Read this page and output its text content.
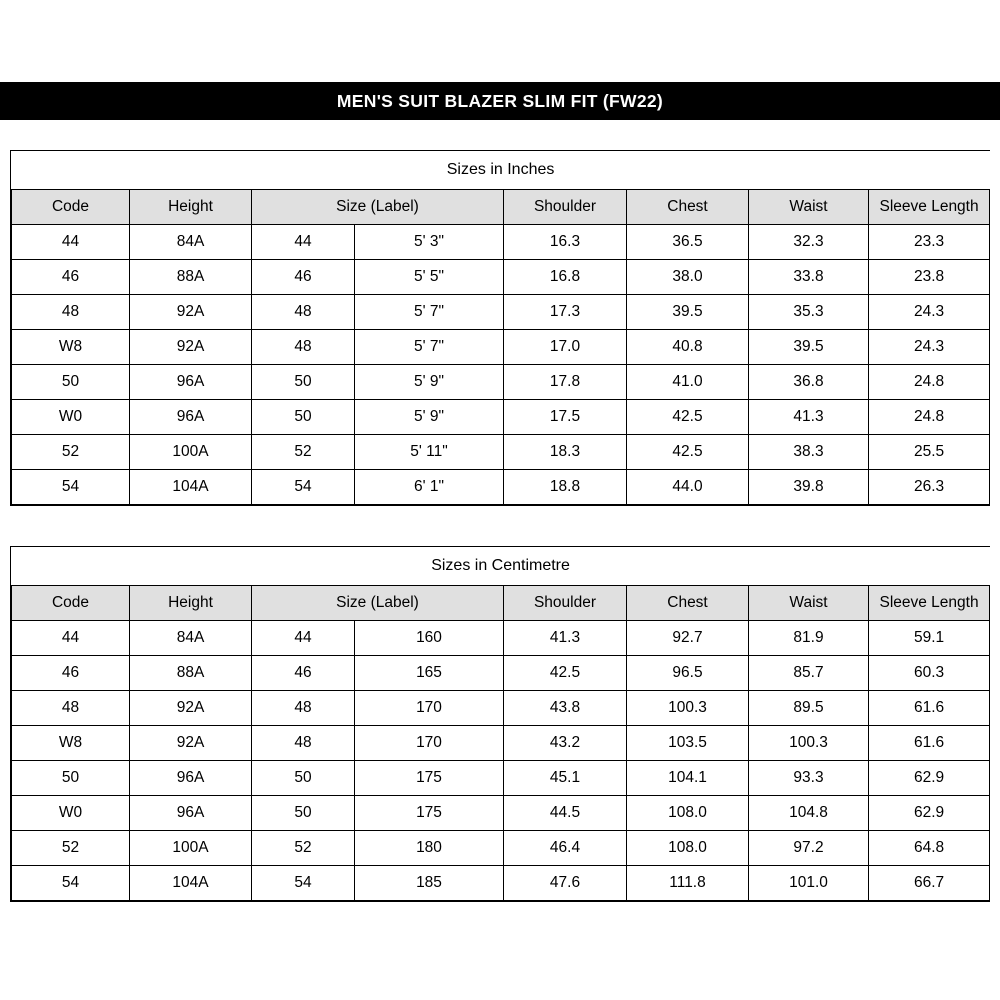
MEN'S SUIT BLAZER SLIM FIT (FW22)
Sizes in Inches							
Code	Height	Size (Label)		Shoulder	Chest	Waist	Sleeve Length
44	84A	44	5' 3"	16.3	36.5	32.3	23.3
46	88A	46	5' 5"	16.8	38.0	33.8	23.8
48	92A	48	5' 7"	17.3	39.5	35.3	24.3
W8	92A	48	5' 7"	17.0	40.8	39.5	24.3
50	96A	50	5' 9"	17.8	41.0	36.8	24.8
W0	96A	50	5' 9"	17.5	42.5	41.3	24.8
52	100A	52	5' 11"	18.3	42.5	38.3	25.5
54	104A	54	6' 1"	18.8	44.0	39.8	26.3
Sizes in Centimetre							
Code	Height	Size (Label)		Shoulder	Chest	Waist	Sleeve Length
44	84A	44	160	41.3	92.7	81.9	59.1
46	88A	46	165	42.5	96.5	85.7	60.3
48	92A	48	170	43.8	100.3	89.5	61.6
W8	92A	48	170	43.2	103.5	100.3	61.6
50	96A	50	175	45.1	104.1	93.3	62.9
W0	96A	50	175	44.5	108.0	104.8	62.9
52	100A	52	180	46.4	108.0	97.2	64.8
54	104A	54	185	47.6	111.8	101.0	66.7
